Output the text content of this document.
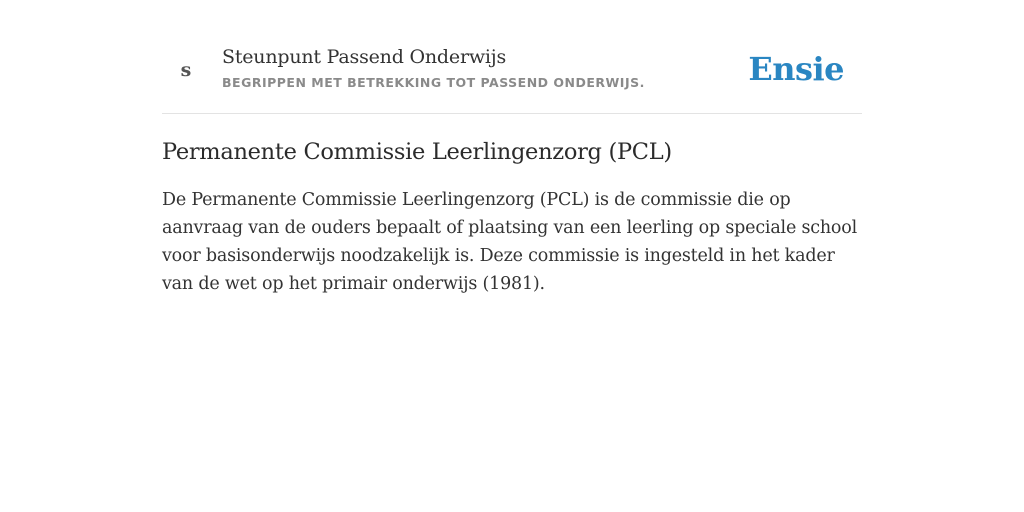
s
Steunpunt Passend Onderwijs
BEGRIPPEN MET BETREKKING TOT PASSEND ONDERWIJS.	Ensie
Permanente Commissie Leerlingenzorg (PCL)

De Permanente Commissie Leerlingenzorg (PCL) is de commissie die op aanvraag van de ouders bepaalt of plaatsing van een leerling op speciale school voor basisonderwijs noodzakelijk is. Deze commissie is ingesteld in het kader van de wet op het primair onderwijs (1981).
